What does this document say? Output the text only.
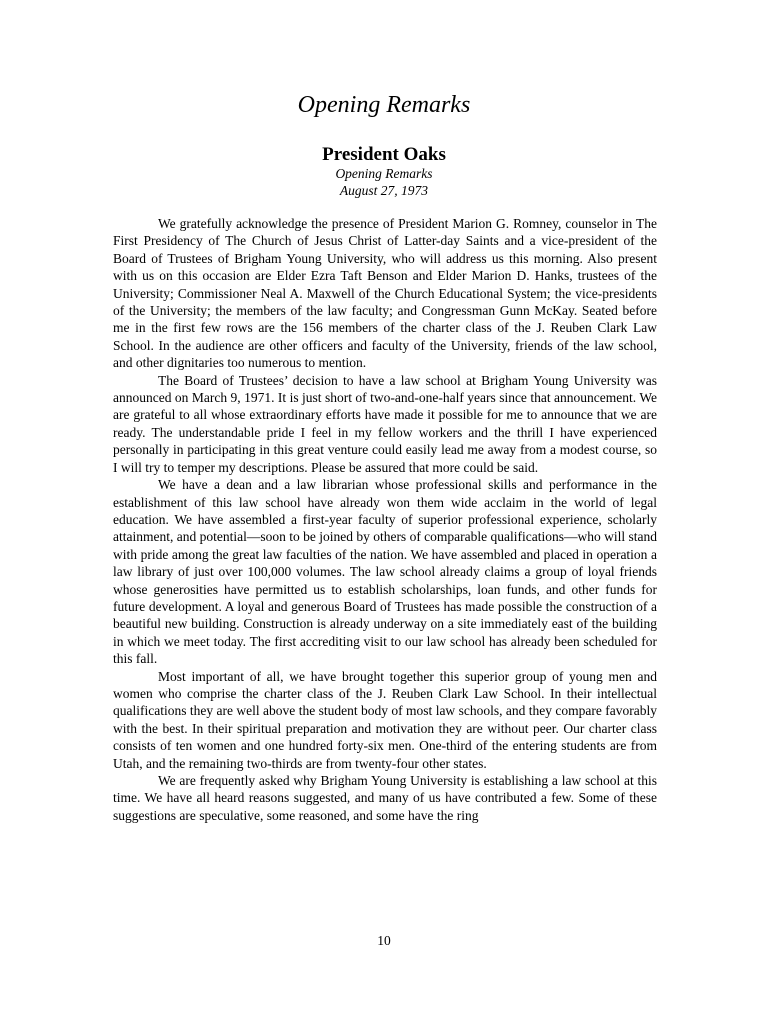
Opening Remarks
President Oaks
Opening Remarks
August 27, 1973

We gratefully acknowledge the presence of President Marion G. Romney, counselor in The First Presidency of The Church of Jesus Christ of Latter-day Saints and a vice-president of the Board of Trustees of Brigham Young University, who will address us this morning. Also present with us on this occasion are Elder Ezra Taft Benson and Elder Marion D. Hanks, trustees of the University; Commissioner Neal A. Maxwell of the Church Educational System; the vice-presidents of the University; the members of the law faculty; and Congressman Gunn McKay. Seated before me in the first few rows are the 156 members of the charter class of the J. Reuben Clark Law School. In the audience are other officers and faculty of the University, friends of the law school, and other dignitaries too numerous to mention.

The Board of Trustees’ decision to have a law school at Brigham Young University was announced on March 9, 1971. It is just short of two-and-one-half years since that announcement. We are grateful to all whose extraordinary efforts have made it possible for me to announce that we are ready. The understandable pride I feel in my fellow workers and the thrill I have experienced personally in participating in this great venture could easily lead me away from a modest course, so I will try to temper my descriptions. Please be assured that more could be said.

We have a dean and a law librarian whose professional skills and performance in the establishment of this law school have already won them wide acclaim in the world of legal education. We have assembled a first-year faculty of superior professional experience, scholarly attainment, and potential—soon to be joined by others of comparable qualifications—who will stand with pride among the great law faculties of the nation. We have assembled and placed in operation a law library of just over 100,000 volumes. The law school already claims a group of loyal friends whose generosities have permitted us to establish scholarships, loan funds, and other funds for future development. A loyal and generous Board of Trustees has made possible the construction of a beautiful new building. Construction is already underway on a site immediately east of the building in which we meet today. The first accrediting visit to our law school has already been scheduled for this fall.

Most important of all, we have brought together this superior group of young men and women who comprise the charter class of the J. Reuben Clark Law School. In their intellectual qualifications they are well above the student body of most law schools, and they compare favorably with the best. In their spiritual preparation and motivation they are without peer. Our charter class consists of ten women and one hundred forty-six men. One-third of the entering students are from Utah, and the remaining two-thirds are from twenty-four other states.

We are frequently asked why Brigham Young University is establishing a law school at this time. We have all heard reasons suggested, and many of us have contributed a few. Some of these suggestions are speculative, some reasoned, and some have the ring

10
